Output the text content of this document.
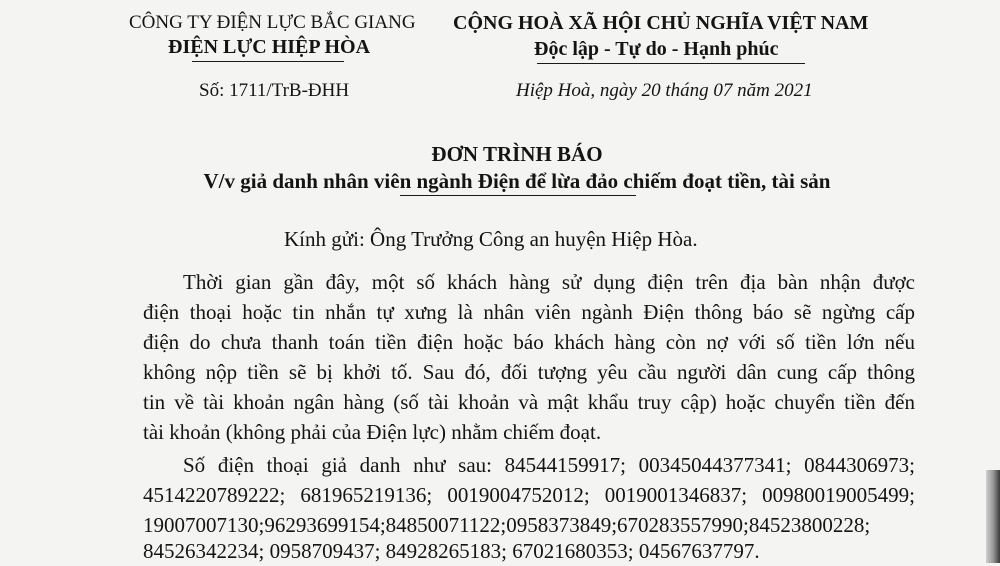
CÔNG TY ĐIỆN LỰC BẮC GIANG
ĐIỆN LỰC HIỆP HÒA
Số: 1711/TrB-ĐHH
CỘNG HOÀ XÃ HỘI CHỦ NGHĨA VIỆT NAM
Độc lập - Tự do - Hạnh phúc
Hiệp Hoà, ngày 20 tháng 07 năm 2021
ĐƠN TRÌNH BÁO
V/v giả danh nhân viên ngành Điện để lừa đảo chiếm đoạt tiền, tài sản
Kính gửi: Ông Trưởng Công an huyện Hiệp Hòa.
Thời gian gần đây, một số khách hàng sử dụng điện trên địa bàn nhận được
điện thoại hoặc tin nhắn tự xưng là nhân viên ngành Điện thông báo sẽ ngừng cấp
điện do chưa thanh toán tiền điện hoặc báo khách hàng còn nợ với số tiền lớn nếu
không nộp tiền sẽ bị khởi tố. Sau đó, đối tượng yêu cầu người dân cung cấp thông
tin về tài khoản ngân hàng (số tài khoản và mật khẩu truy cập) hoặc chuyển tiền đến
tài khoản (không phải của Điện lực) nhằm chiếm đoạt.
Số điện thoại giả danh như sau: 84544159917; 00345044377341; 0844306973;
4514220789222; 681965219136; 0019004752012; 0019001346837; 00980019005499;
19007007130;96293699154;84850071122;0958373849;670283557990;84523800228;
84526342234; 0958709437; 84928265183; 67021680353; 04567637797.
